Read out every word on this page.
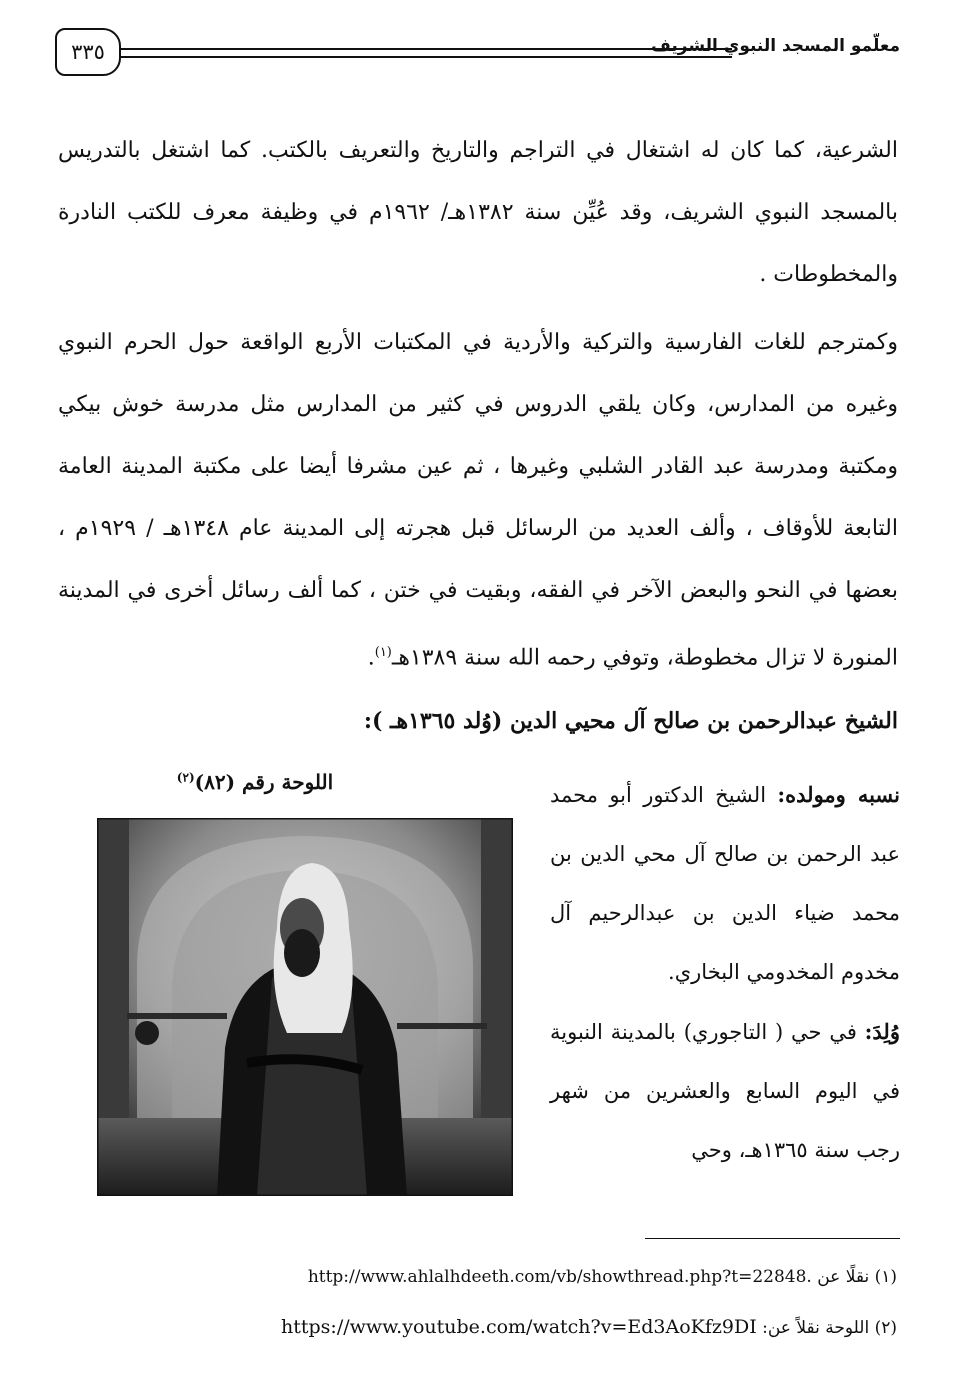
٣٣٥	معلّمو المسجد النبوي الشريف

الشرعية، كما كان له اشتغال في التراجم والتاريخ والتعريف بالكتب. كما اشتغل بالتدريس بالمسجد النبوي الشريف، وقد عُيِّن سنة ١٣٨٢هـ/ ١٩٦٢م في وظيفة معرف للكتب النادرة والمخطوطات .

وكمترجم للغات الفارسية والتركية والأردية في المكتبات الأربع الواقعة حول الحرم النبوي وغيره من المدارس، وكان يلقي الدروس في كثير من المدارس مثل مدرسة خوش بيكي ومكتبة ومدرسة عبد القادر الشلبي وغيرها ، ثم عين مشرفا أيضا على مكتبة المدينة العامة التابعة للأوقاف ، وألف العديد من الرسائل قبل هجرته إلى المدينة عام ١٣٤٨هـ / ١٩٢٩م ، بعضها في النحو والبعض الآخر في الفقه، وبقيت في ختن ، كما ألف رسائل أخرى في المدينة المنورة لا تزال مخطوطة، وتوفي رحمه الله سنة ١٣٨٩هـ$^{(١)}$.

الشيخ عبدالرحمن بن صالح آل محيي الدين (وُلد ١٣٦٥هـ ):

نسبه ومولده: الشيخ الدكتور أبو محمد عبد الرحمن بن صالح آل محي الدين بن محمد ضياء الدين بن عبدالرحيم آل مخدوم المخدومي البخاري.
وُلِدَ: في حي ( التاجوري) بالمدينة النبوية في اليوم السابع والعشرين من شهر رجب سنة ١٣٦٥هـ، وحي

اللوحة رقم (٨٢)$^{(٢)}$

(١) نقلًا عن http://www.ahlalhdeeth.com/vb/showthread.php?t=22848.

(٢) اللوحة نقلاً عن: https://www.youtube.com/watch?v=Ed3AoKfz9DI
